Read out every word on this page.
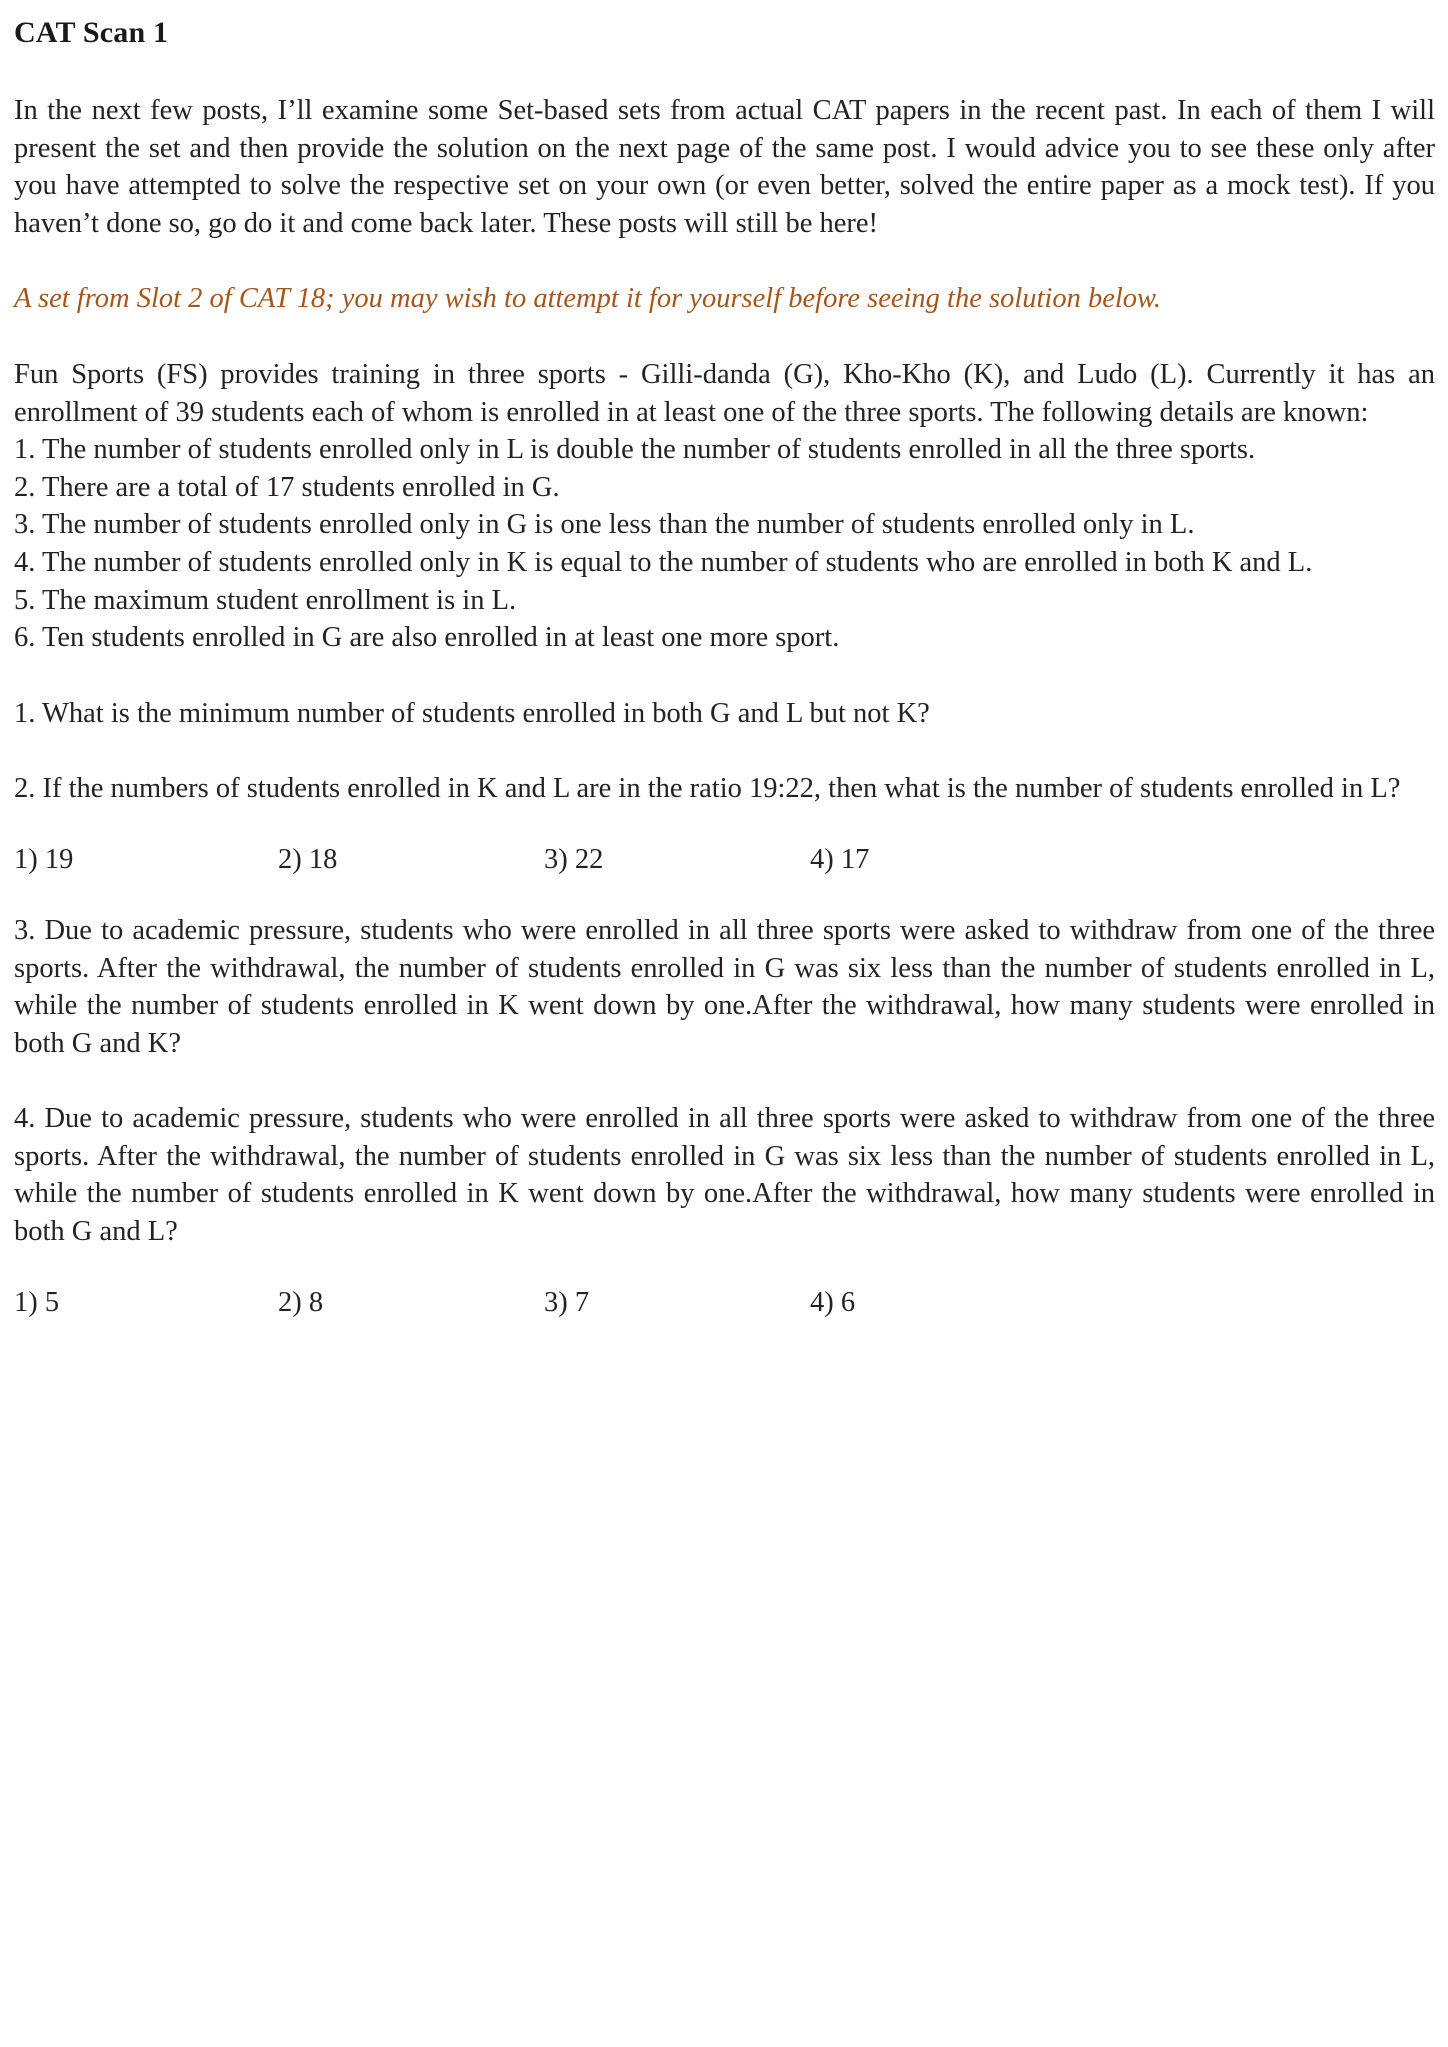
CAT Scan 1

In the next few posts, I’ll examine some Set-based sets from actual CAT papers in the recent past. In each of them I will present the set and then provide the solution on the next page of the same post. I would advice you to see these only after you have attempted to solve the respective set on your own (or even better, solved the entire paper as a mock test). If you haven’t done so, go do it and come back later. These posts will still be here!

A set from Slot 2 of CAT 18; you may wish to attempt it for yourself before seeing the solution below.

Fun Sports (FS) provides training in three sports - Gilli-danda (G), Kho-Kho (K), and Ludo (L). Currently it has an enrollment of 39 students each of whom is enrolled in at least one of the three sports. The following details are known:

1. The number of students enrolled only in L is double the number of students enrolled in all the three sports.

2. There are a total of 17 students enrolled in G.

3. The number of students enrolled only in G is one less than the number of students enrolled only in L.

4. The number of students enrolled only in K is equal to the number of students who are enrolled in both K and L.

5. The maximum student enrollment is in L.

6. Ten students enrolled in G are also enrolled in at least one more sport.

1. What is the minimum number of students enrolled in both G and L but not K?

2. If the numbers of students enrolled in K and L are in the ratio 19:22, then what is the number of students enrolled in L?

1) 19	2) 18	3) 22	4) 17

3. Due to academic pressure, students who were enrolled in all three sports were asked to withdraw from one of the three sports. After the withdrawal, the number of students enrolled in G was six less than the number of students enrolled in L, while the number of students enrolled in K went down by one.After the withdrawal, how many students were enrolled in both G and K?

4. Due to academic pressure, students who were enrolled in all three sports were asked to withdraw from one of the three sports. After the withdrawal, the number of students enrolled in G was six less than the number of students enrolled in L, while the number of students enrolled in K went down by one.After the withdrawal, how many students were enrolled in both G and L?

1) 5	2) 8	3) 7	4) 6
